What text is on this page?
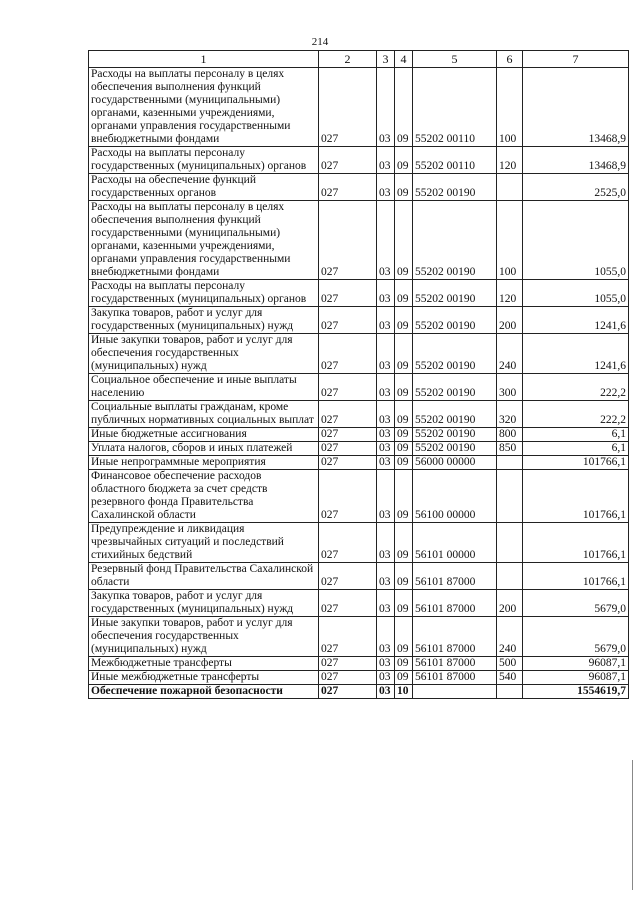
214
1	2	3	4	5	6	7
Расходы на выплаты персоналу в целях обеспечения выполнения функций государственными (муниципальными) органами, казенными учреждениями, органами управления государственными внебюджетными фондами	027	03	09	55202 00110	100	13468,9
Расходы на выплаты персоналу государственных (муниципальных) органов	027	03	09	55202 00110	120	13468,9
Расходы на обеспечение функций государственных органов	027	03	09	55202 00190		2525,0
Расходы на выплаты персоналу в целях обеспечения выполнения функций государственными (муниципальными) органами, казенными учреждениями, органами управления государственными внебюджетными фондами	027	03	09	55202 00190	100	1055,0
Расходы на выплаты персоналу государственных (муниципальных) органов	027	03	09	55202 00190	120	1055,0
Закупка товаров, работ и услуг для государственных (муниципальных) нужд	027	03	09	55202 00190	200	1241,6
Иные закупки товаров, работ и услуг для обеспечения государственных (муниципальных) нужд	027	03	09	55202 00190	240	1241,6
Социальное обеспечение и иные выплаты населению	027	03	09	55202 00190	300	222,2
Социальные выплаты гражданам, кроме публичных нормативных социальных выплат	027	03	09	55202 00190	320	222,2
Иные бюджетные ассигнования	027	03	09	55202 00190	800	6,1
Уплата налогов, сборов и иных платежей	027	03	09	55202 00190	850	6,1
Иные непрограммные мероприятия	027	03	09	56000 00000		101766,1
Финансовое обеспечение расходов областного бюджета за счет средств резервного фонда Правительства Сахалинской области	027	03	09	56100 00000		101766,1
Предупреждение и ликвидация чрезвычайных ситуаций и последствий стихийных бедствий	027	03	09	56101 00000		101766,1
Резервный фонд Правительства Сахалинской области	027	03	09	56101 87000		101766,1
Закупка товаров, работ и услуг для государственных (муниципальных) нужд	027	03	09	56101 87000	200	5679,0
Иные закупки товаров, работ и услуг для обеспечения государственных (муниципальных) нужд	027	03	09	56101 87000	240	5679,0
Межбюджетные трансферты	027	03	09	56101 87000	500	96087,1
Иные межбюджетные трансферты	027	03	09	56101 87000	540	96087,1
Обеспечение пожарной безопасности	027	03	10			1554619,7
